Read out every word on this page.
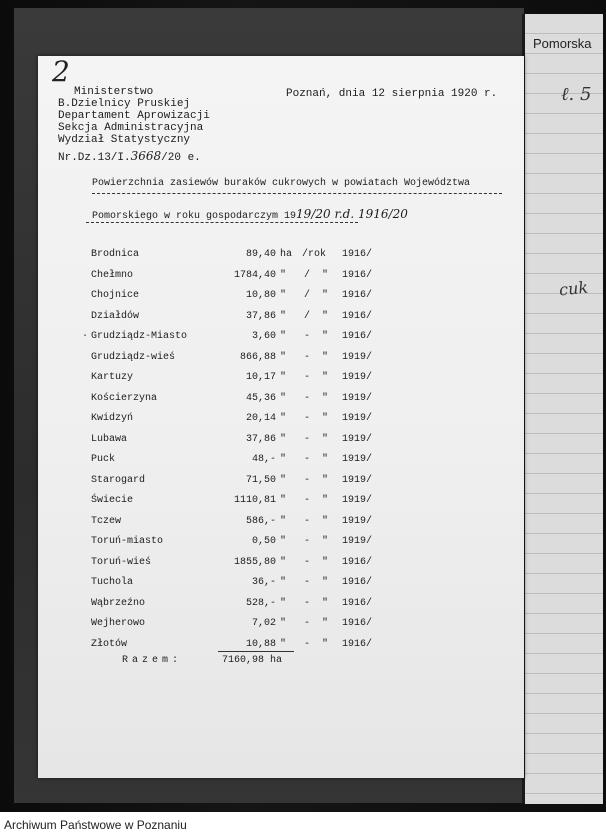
Pomorska
ℓ. 5
cuk
2
Ministerstwo
B.Dzielnicy Pruskiej
Departament Aprowizacji
Sekcja Administracyjna
Wydział Statystyczny
Nr.Dz.13/I.3668/20 e.
Poznań, dnia 12 sierpnia 1920 r.
Powierzchnia zasiewów buraków cukrowych w powiatach Województwa
Pomorskiego w roku gospodarczym 1919/20 r.d. 1916/20
·
Brodnica	89,40 ha /rok 1916/
Chełmno	1784,40 " / " 1916/
Chojnice	10,80 " / " 1916/
Działdów	37,86 " / " 1916/
Grudziądz-Miasto	3,60 " - " 1916/
Grudziądz-wieś	866,88 " - " 1919/
Kartuzy	10,17 " - " 1919/
Kościerzyna	45,36 " - " 1919/
Kwidzyń	20,14 " - " 1919/
Lubawa	37,86 " - " 1919/
Puck	48,- " - " 1919/
Starogard	71,50 " - " 1919/
Świecie	1110,81 " - " 1919/
Tczew	586,- " - " 1919/
Toruń-miasto	0,50 " - " 1919/
Toruń-wieś	1855,80 " - " 1916/
Tuchola	36,- " - " 1916/
Wąbrzeźno	528,- " - " 1916/
Wejherowo	7,02 " - " 1916/
Złotów	10,88 " - " 1916/
Razem:	7160,98 ha
Archiwum Państwowe w Poznaniu
